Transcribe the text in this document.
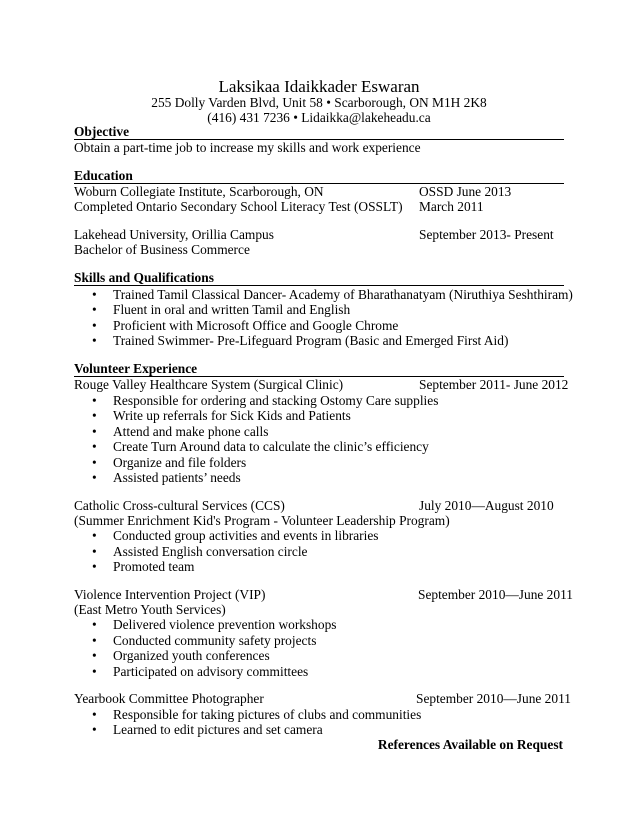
Laksikaa Idaikkader Eswaran
255 Dolly Varden Blvd, Unit 58 • Scarborough, ON M1H 2K8
(416) 431 7236 • Lidaikka@lakeheadu.ca
Objective
Obtain a part-time job to increase my skills and work experience
Education
Woburn Collegiate Institute, Scarborough, ON	OSSD June 2013
Completed Ontario Secondary School Literacy Test (OSSLT) March 2011
Lakehead University, Orillia Campus	September 2013- Present
Bachelor of Business Commerce
Skills and Qualifications
• Trained Tamil Classical Dancer- Academy of Bharathanatyam (Niruthiya Seshthiram)
• Fluent in oral and written Tamil and English
• Proficient with Microsoft Office and Google Chrome
• Trained Swimmer- Pre-Lifeguard Program (Basic and Emerged First Aid)
Volunteer Experience
Rouge Valley Healthcare System (Surgical Clinic)	September 2011- June 2012
• Responsible for ordering and stacking Ostomy Care supplies
• Write up referrals for Sick Kids and Patients
• Attend and make phone calls
• Create Turn Around data to calculate the clinic’s efficiency
• Organize and file folders
• Assisted patients’ needs
Catholic Cross-cultural Services (CCS)	July 2010—August 2010
(Summer Enrichment Kid's Program - Volunteer Leadership Program)
• Conducted group activities and events in libraries
• Assisted English conversation circle
• Promoted team
Violence Intervention Project (VIP)	September 2010—June 2011
(East Metro Youth Services)
• Delivered violence prevention workshops
• Conducted community safety projects
• Organized youth conferences
• Participated on advisory committees
Yearbook Committee Photographer	September 2010—June 2011
• Responsible for taking pictures of clubs and communities
• Learned to edit pictures and set camera
References Available on Request
